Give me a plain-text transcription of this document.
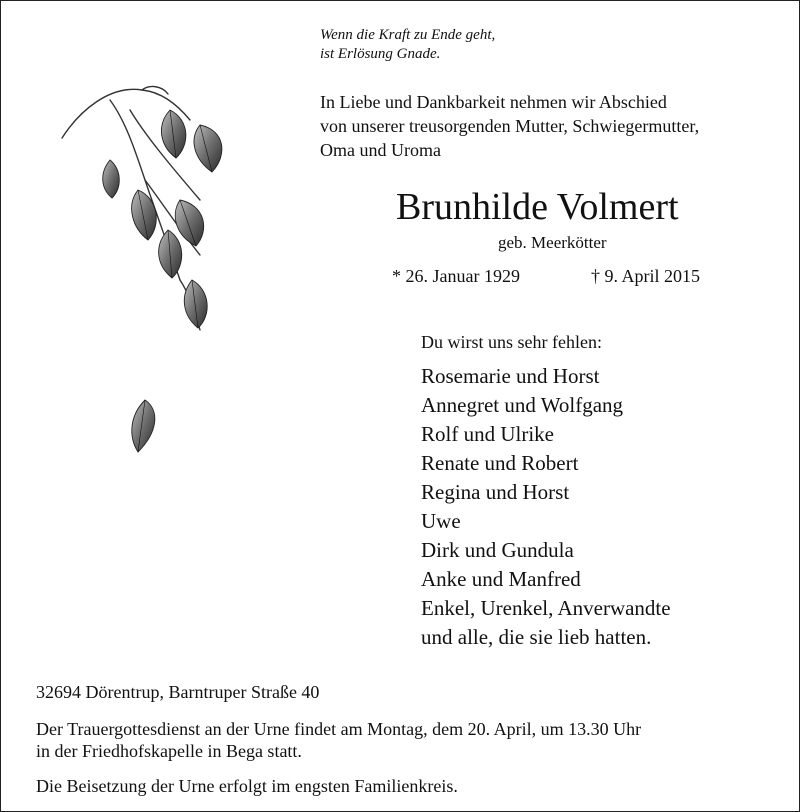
Wenn die Kraft zu Ende geht,
ist Erlösung Gnade.
In Liebe und Dankbarkeit nehmen wir Abschied
von unserer treusorgenden Mutter, Schwiegermutter,
Oma und Uroma
Brunhilde Volmert
geb. Meerkötter
* 26. Januar 1929	† 9. April 2015
Du wirst uns sehr fehlen:
Rosemarie und Horst
Annegret und Wolfgang
Rolf und Ulrike
Renate und Robert
Regina und Horst
Uwe
Dirk und Gundula
Anke und Manfred
Enkel, Urenkel, Anverwandte
und alle, die sie lieb hatten.
32694 Dörentrup, Barntruper Straße 40
Der Trauergottesdienst an der Urne findet am Montag, dem 20. April, um 13.30 Uhr
in der Friedhofskapelle in Bega statt.
Die Beisetzung der Urne erfolgt im engsten Familienkreis.
